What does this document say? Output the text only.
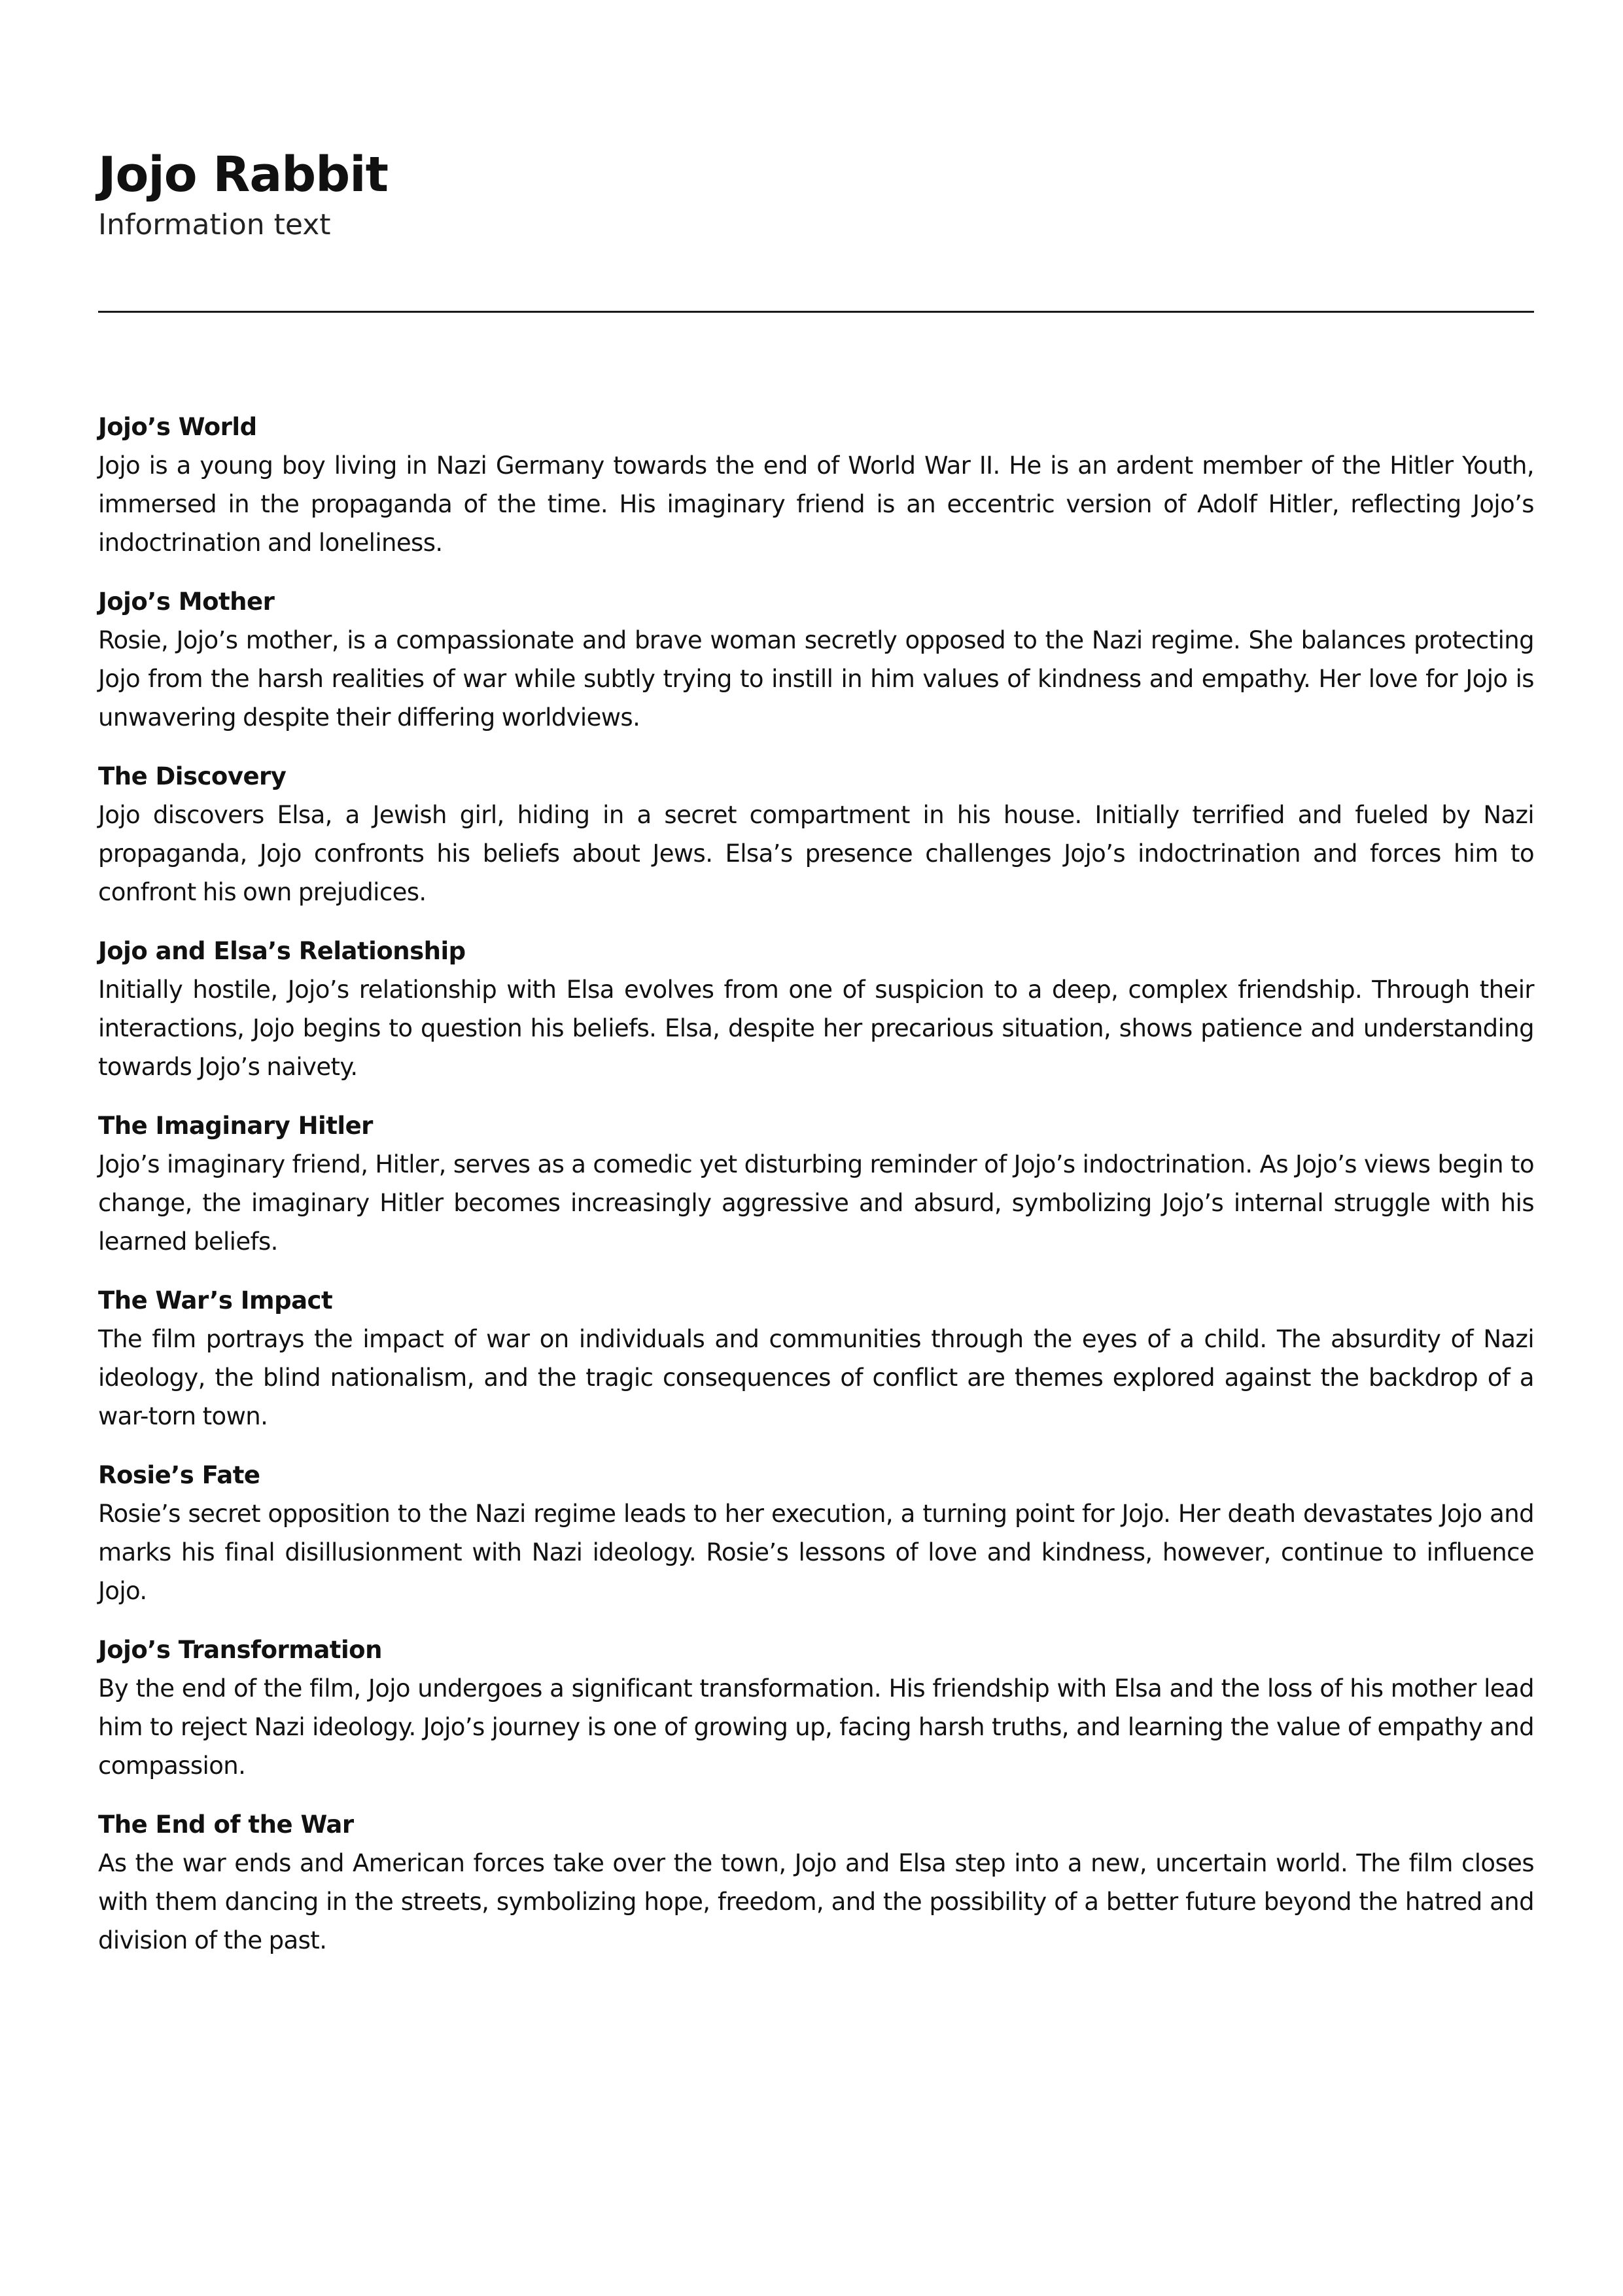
Jojo Rabbit
Information text
Jojo’s World

Jojo is a young boy living in Nazi Germany towards the end of World War II. He is an ardent member of the Hitler Youth, immersed in the propaganda of the time. His imaginary friend is an eccentric version of Adolf Hitler, reflecting Jojo’s indoctrination and loneliness.

Jojo’s Mother

Rosie, Jojo’s mother, is a compassionate and brave woman secretly opposed to the Nazi regime. She balances protecting Jojo from the harsh realities of war while subtly trying to instill in him values of kindness and empathy. Her love for Jojo is unwavering despite their differing worldviews.

The Discovery

Jojo discovers Elsa, a Jewish girl, hiding in a secret compartment in his house. Initially terrified and fueled by Nazi propaganda, Jojo confronts his beliefs about Jews. Elsa’s presence challenges Jojo’s indoctrination and forces him to confront his own prejudices.

Jojo and Elsa’s Relationship

Initially hostile, Jojo’s relationship with Elsa evolves from one of suspicion to a deep, complex friendship. Through their interactions, Jojo begins to question his beliefs. Elsa, despite her precarious situation, shows patience and understanding towards Jojo’s naivety.

The Imaginary Hitler

Jojo’s imaginary friend, Hitler, serves as a comedic yet disturbing reminder of Jojo’s indoctrination. As Jojo’s views begin to change, the imaginary Hitler becomes increasingly aggressive and absurd, symbolizing Jojo’s internal struggle with his learned beliefs.

The War’s Impact

The film portrays the impact of war on individuals and communities through the eyes of a child. The absurdity of Nazi ideology, the blind nationalism, and the tragic consequences of conflict are themes explored against the backdrop of a war-torn town.

Rosie’s Fate

Rosie’s secret opposition to the Nazi regime leads to her execution, a turning point for Jojo. Her death devastates Jojo and marks his final disillusionment with Nazi ideology. Rosie’s lessons of love and kindness, however, continue to influence Jojo.

Jojo’s Transformation

By the end of the film, Jojo undergoes a significant transformation. His friendship with Elsa and the loss of his mother lead him to reject Nazi ideology. Jojo’s journey is one of growing up, facing harsh truths, and learning the value of empathy and compassion.

The End of the War

As the war ends and American forces take over the town, Jojo and Elsa step into a new, uncertain world. The film closes with them dancing in the streets, symbolizing hope, freedom, and the possibility of a better future beyond the hatred and division of the past.
